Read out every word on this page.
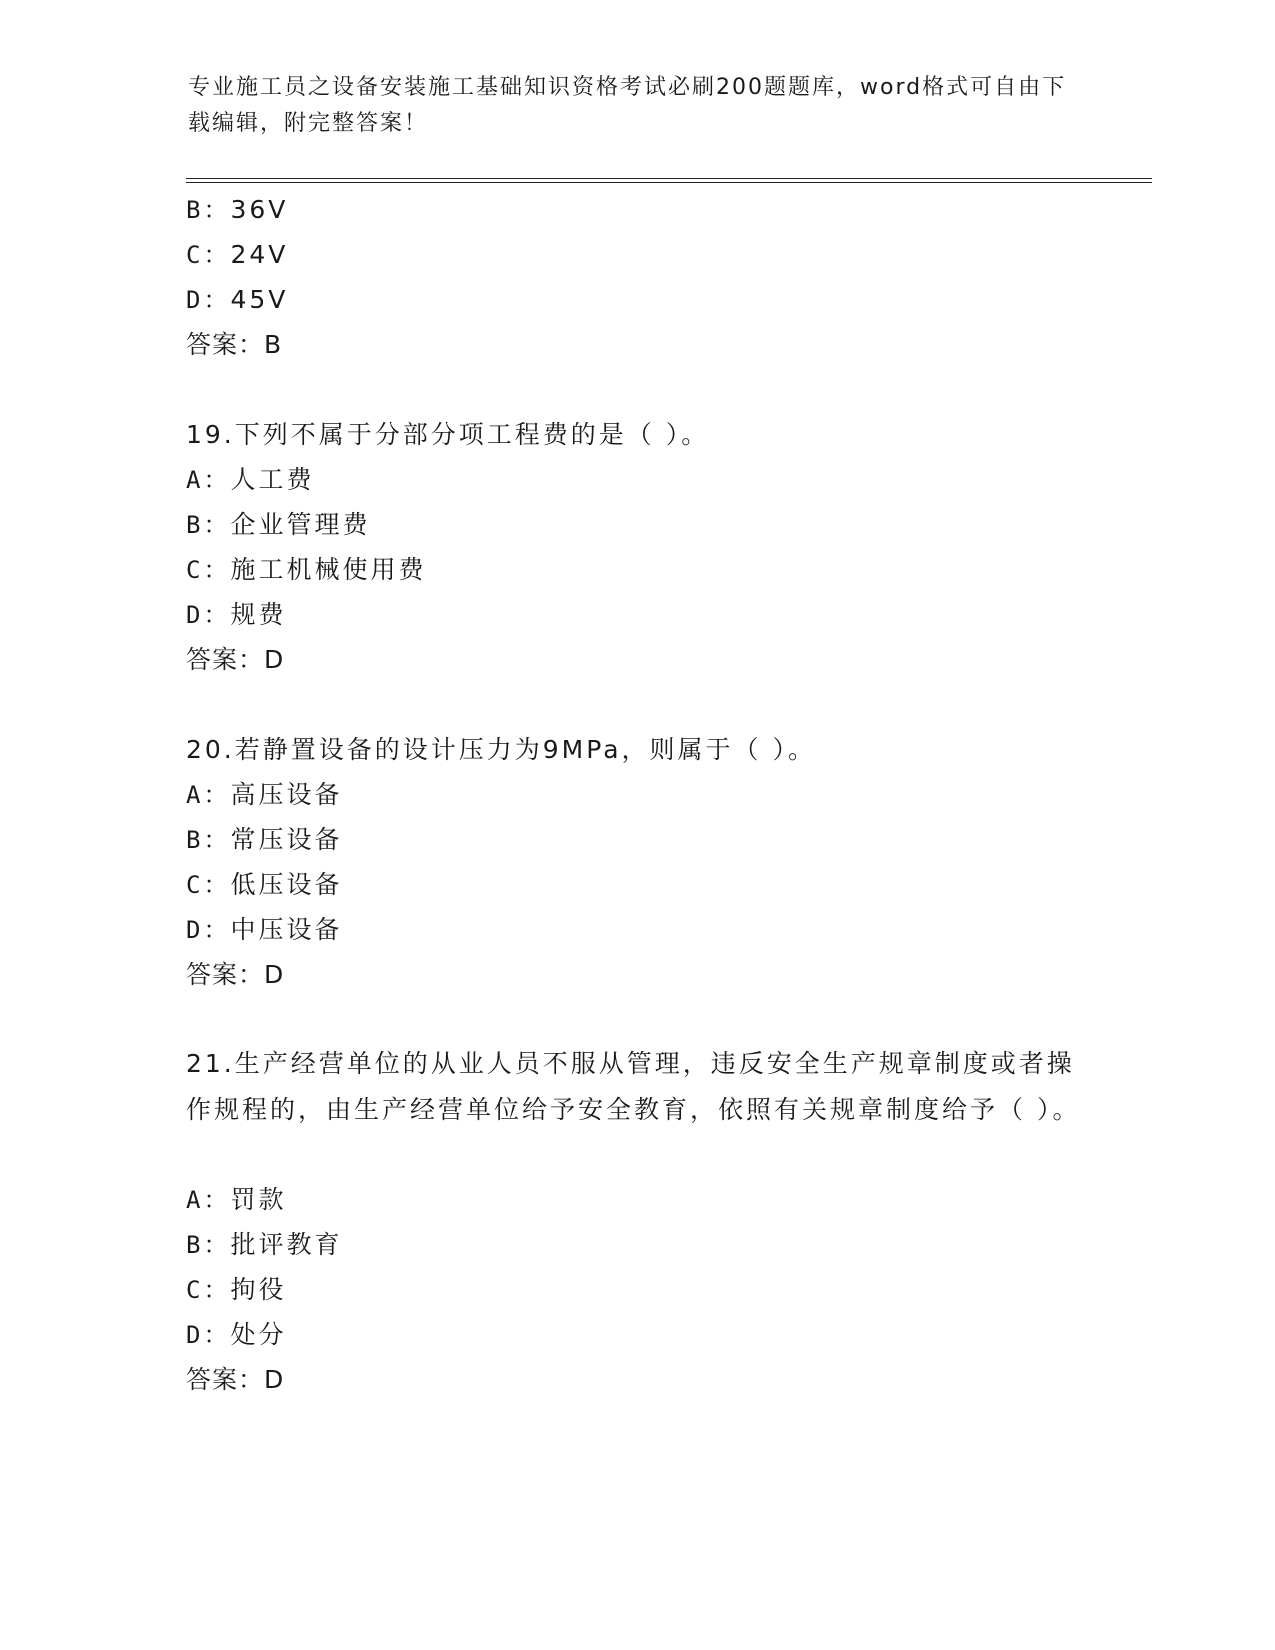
专业施工员之设备安装施工基础知识资格考试必刷200题题库，word格式可自由下载编辑，附完整答案！
B：36V
C：24V
D：45V
答案：B
19.下列不属于分部分项工程费的是（ ）。
A：人工费
B：企业管理费
C：施工机械使用费
D：规费
答案：D
20.若静置设备的设计压力为9MPa，则属于（ ）。
A：高压设备
B：常压设备
C：低压设备
D：中压设备
答案：D
21.生产经营单位的从业人员不服从管理，违反安全生产规章制度或者操作规程的，由生产经营单位给予安全教育，依照有关规章制度给予（ ）。
A：罚款
B：批评教育
C：拘役
D：处分
答案：D
